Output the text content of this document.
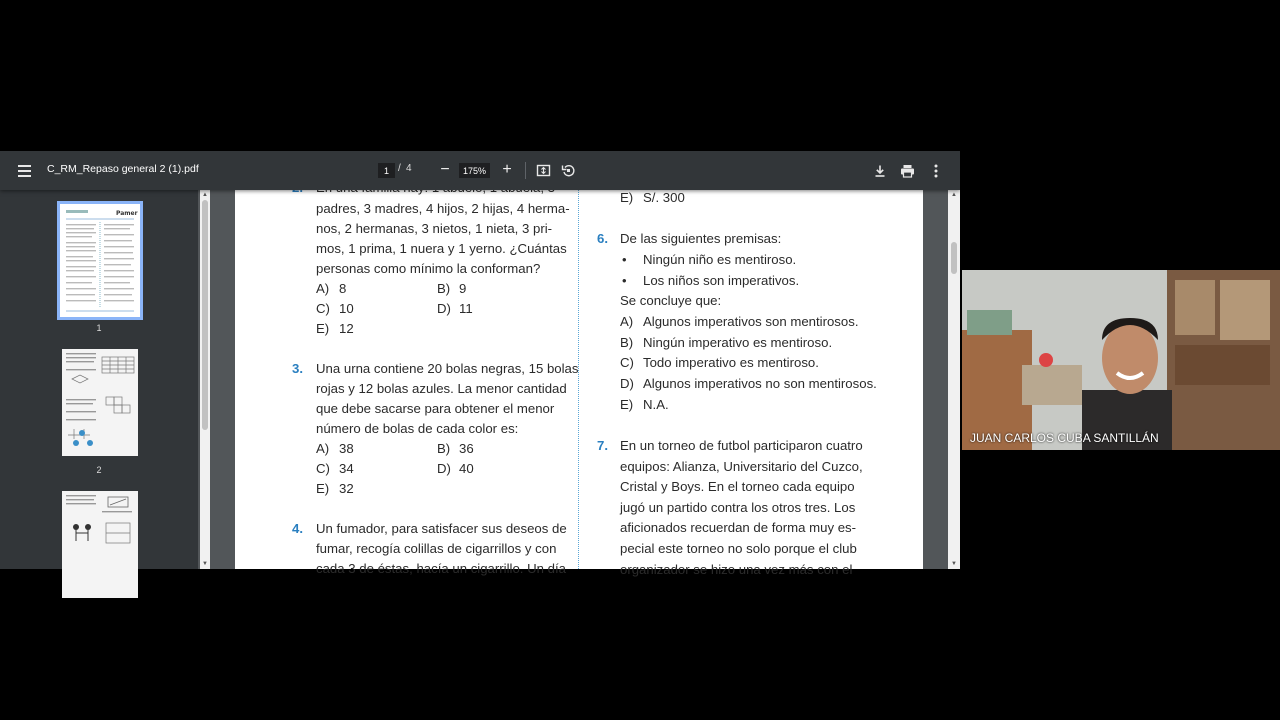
C_RM_Repaso general 2 (1).pdf	1 / 4 −	175% +
Pamer
1
2
▲
▼
padres, 3 madres, 4 hijos, 2 hijas, 4 herma-
nos, 2 hermanas, 3 nietos, 1 nieta, 3 pri-
mos, 1 prima, 1 nuera y 1 yerno. ¿Cuántas
personas como mínimo la conforman?
A) 8	B) 9
C) 10	D) 11
E) 12
3. Una urna contiene 20 bolas negras, 15 bolas
rojas y 12 bolas azules. La menor cantidad
que debe sacarse para obtener el menor
número de bolas de cada color es:
A) 38	B) 36
C) 34	D) 40
E) 32
4. Un fumador, para satisfacer sus deseos de
fumar, recogía colillas de cigarrillos y con
cada 3 de éstas, hacía un cigarrillo. Un día
E) S/. 300
6. De las siguientes premisas:
• Ningún niño es mentiroso.
• Los niños son imperativos.
Se concluye que:
A) Algunos imperativos son mentirosos.
B) Ningún imperativo es mentiroso.
C) Todo imperativo es mentiroso.
D) Algunos imperativos no son mentirosos.
E) N.A.
7. En un torneo de futbol participaron cuatro
equipos: Alianza, Universitario del Cuzco,
Cristal y Boys. En el torneo cada equipo
jugó un partido contra los otros tres. Los
aficionados recuerdan de forma muy es-
pecial este torneo no solo porque el club
organizador se hizo una vez más con el
▲
▼
JUAN CARLOS CUBA SANTILLÁN
